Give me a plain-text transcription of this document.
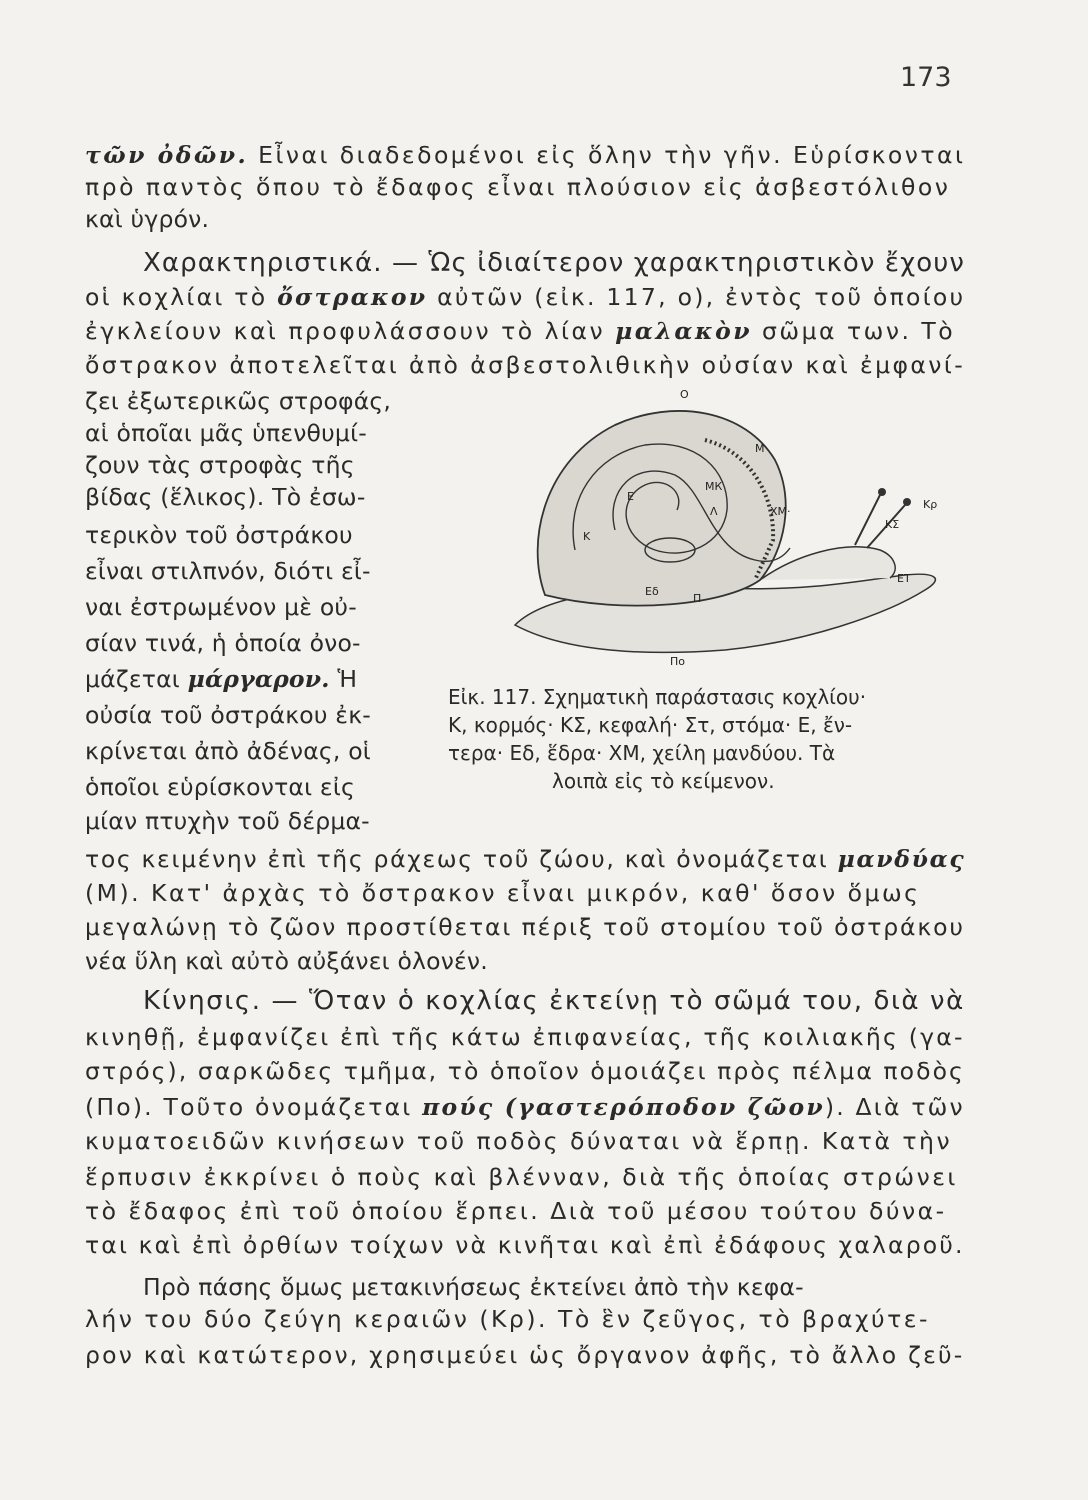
173
τῶν ὀδῶν. Εἶναι διαδεδομένοι εἰς ὅλην τὴν γῆν. Εὑρίσκονται
πρὸ παντὸς ὅπου τὸ ἔδαφος εἶναι πλούσιον εἰς ἀσβεστόλιθον
καὶ ὑγρόν.
Χαρακτηριστικά. — Ὡς ἰδιαίτερον χαρακτηριστικὸν ἔχουν
οἱ κοχλίαι τὸ ὄστρακον αὐτῶν (εἰκ. 117, ο), ἐντὸς τοῦ ὁποίου
ἐγκλείουν καὶ προφυλάσσουν τὸ λίαν μαλακὸν σῶμα των. Τὸ
ὄστρακον ἀποτελεῖται ἀπὸ ἀσβεστολιθικὴν οὐσίαν καὶ ἐμφανί-
ζει ἐξωτερικῶς στροφάς,
αἱ ὁποῖαι μᾶς ὑπενθυμί-
ζουν τὰς στροφὰς τῆς
βίδας (ἕλικος). Τὸ ἐσω-
τερικὸν τοῦ ὀστράκου
εἶναι στιλπνόν, διότι εἶ-
ναι ἐστρωμένον μὲ οὐ-
σίαν τινά, ἡ ὁποία ὀνο-
μάζεται μάργαρον. Ἡ
οὐσία τοῦ ὀστράκου ἐκ-
κρίνεται ἀπὸ ἀδένας, οἱ
ὁποῖοι εὑρίσκονται εἰς
μίαν πτυχὴν τοῦ δέρμα-
τος κειμένην ἐπὶ τῆς ράχεως τοῦ ζώου, καὶ ὀνομάζεται μανδύας
(Μ). Κατ' ἀρχὰς τὸ ὄστρακον εἶναι μικρόν, καθ' ὅσον ὅμως
μεγαλώνῃ τὸ ζῶον προστίθεται πέριξ τοῦ στομίου τοῦ ὀστράκου
νέα ὕλη καὶ αὐτὸ αὐξάνει ὁλονέν.
Κίνησις. — Ὅταν ὁ κοχλίας ἐκτείνῃ τὸ σῶμά του, διὰ νὰ
κινηθῇ, ἐμφανίζει ἐπὶ τῆς κάτω ἐπιφανείας, τῆς κοιλιακῆς (γα-
στρός), σαρκῶδες τμῆμα, τὸ ὁποῖον ὁμοιάζει πρὸς πέλμα ποδὸς
(Πο). Τοῦτο ὀνομάζεται πούς (γαστερόποδον ζῶον). Διὰ τῶν
κυματοειδῶν κινήσεων τοῦ ποδὸς δύναται νὰ ἕρπῃ. Κατὰ τὴν
ἕρπυσιν ἐκκρίνει ὁ ποὺς καὶ βλένναν, διὰ τῆς ὁποίας στρώνει
τὸ ἔδαφος ἐπὶ τοῦ ὁποίου ἕρπει. Διὰ τοῦ μέσου τούτου δύνα-
ται καὶ ἐπὶ ὀρθίων τοίχων νὰ κινῆται καὶ ἐπὶ ἐδάφους χαλαροῦ.
Πρὸ πάσης ὅμως μετακινήσεως ἐκτείνει ἀπὸ τὴν κεφα-
λήν του δύο ζεύγη κεραιῶν (Κρ). Τὸ ἓν ζεῦγος, τὸ βραχύτε-
ρον καὶ κατώτερον, χρησιμεύει ὡς ὄργανον ἀφῆς, τὸ ἄλλο ζεῦ-
O
M
МК
E
Λ	ΧΜ·
Κ
Κρ
ΚΣ
ΕΤ
Εδ
Π
Πο
Εἰκ. 117. Σχηματικὴ παράστασις κοχλίου·
Κ, κορμός· ΚΣ, κεφαλή· Στ, στόμα· Ε, ἔν-
τερα· Εδ, ἕδρα· ΧΜ, χείλη μανδύου. Τὰ
λοιπὰ εἰς τὸ κείμενον.
